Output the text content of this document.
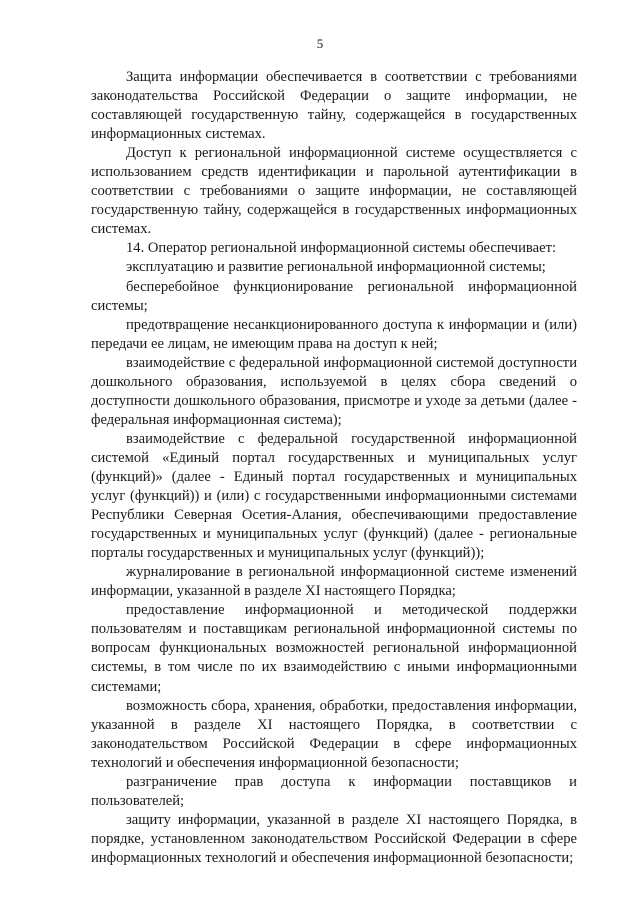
5

Защита информации обеспечивается в соответствии с требованиями законодательства Российской Федерации о защите информации, не составляющей государственную тайну, содержащейся в государственных информационных системах.

Доступ к региональной информационной системе осуществляется с использованием средств идентификации и парольной аутентификации в соответствии с требованиями о защите информации, не составляющей государственную тайну, содержащейся в государственных информационных системах.

14. Оператор региональной информационной системы обеспечивает:

эксплуатацию и развитие региональной информационной системы;

бесперебойное функционирование региональной информационной системы;

предотвращение несанкционированного доступа к информации и (или) передачи ее лицам, не имеющим права на доступ к ней;

взаимодействие с федеральной информационной системой доступности дошкольного образования, используемой в целях сбора сведений о доступности дошкольного образования, присмотре и уходе за детьми (далее - федеральная информационная система);

взаимодействие с федеральной государственной информационной системой «Единый портал государственных и муниципальных услуг (функций)» (далее - Единый портал государственных и муниципальных услуг (функций)) и (или) с государственными информационными системами Республики Северная Осетия-Алания, обеспечивающими предоставление государственных и муниципальных услуг (функций) (далее - региональные порталы государственных и муниципальных услуг (функций));

журналирование в региональной информационной системе изменений информации, указанной в разделе XI настоящего Порядка;

предоставление информационной и методической поддержки пользователям и поставщикам региональной информационной системы по вопросам функциональных возможностей региональной информационной системы, в том числе по их взаимодействию с иными информационными системами;

возможность сбора, хранения, обработки, предоставления информации, указанной в разделе XI настоящего Порядка, в соответствии с законодательством Российской Федерации в сфере информационных технологий и обеспечения информационной безопасности;

разграничение прав доступа к информации поставщиков и пользователей;

защиту информации, указанной в разделе XI настоящего Порядка, в порядке, установленном законодательством Российской Федерации в сфере информационных технологий и обеспечения информационной безопасности;
